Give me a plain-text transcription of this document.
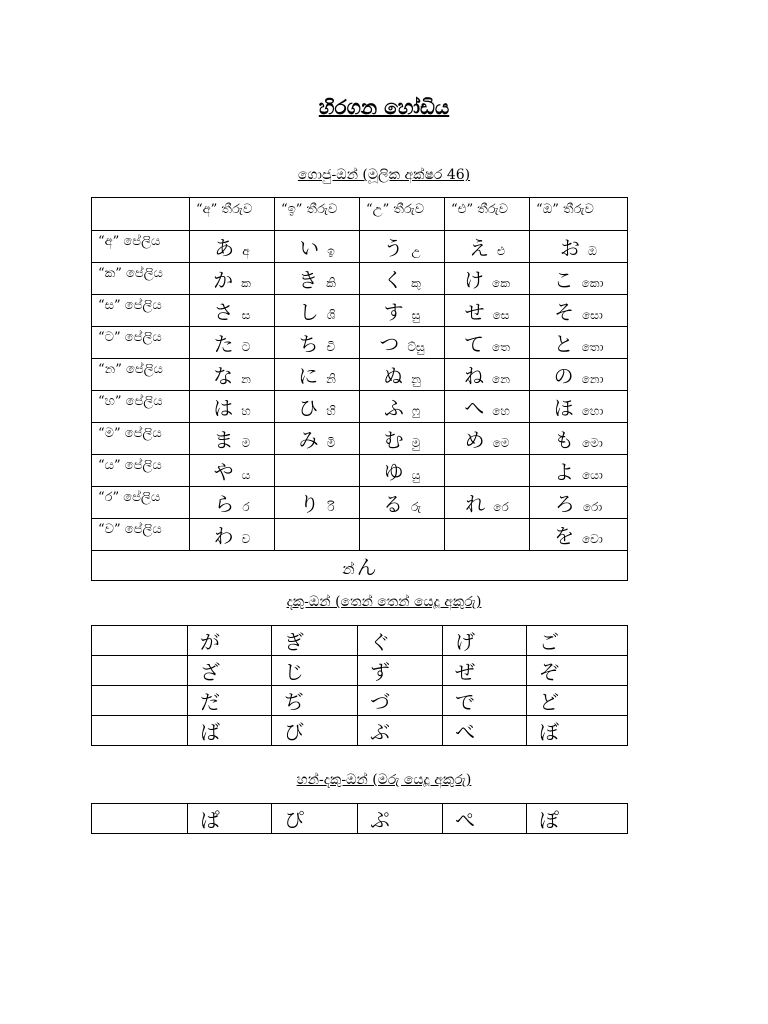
හිරගන හෝඩිය
ගොජු-ඔන් (මූලික අක්ෂර 46)
	“අ” තීරුව	“ඉ” තීරුව	“උ” තීරුව	“එ” තීරුව	“ඔ” තීරුව
“අ” පේලිය	あ අ	い ඉ	う උ	え එ	お ඔ
“ක” පේලිය	か ක	き කි	く කු	け කෙ	こ කො
“ස” පේලිය	さ ස	し ශි	す සු	せ සෙ	そ සො
“ට” පේලිය	た ට	ち චි	つ ට්සු	て තෙ	と තො
“න” පේලිය	な න	に නි	ぬ නු	ね නෙ	の නො
“හ” පේලිය	は හ	ひ හි	ふ ෆු	へ හෙ	ほ හො
“ම” පේලිය	ま ම	み මි	む මු	め මෙ	も මො
“ය” පේලිය	や ය		ゆ යු		よ යො
“ර” පේලිය	ら ර	り රි	る රු	れ රෙ	ろ රො
“ව” පේලිය	わ ව				を වො
න් ん					
දකු-ඔන් (තෙන් තෙන් යෙදූ අකුරු)
	が	ぎ	ぐ	げ	ご
	ざ	じ	ず	ぜ	ぞ
	だ	ぢ	づ	で	ど
	ば	び	ぶ	べ	ぼ
හන්-දකු-ඔන් (මරු යෙදූ අකුරු)
	ぱ	ぴ	ぷ	ぺ	ぽ
